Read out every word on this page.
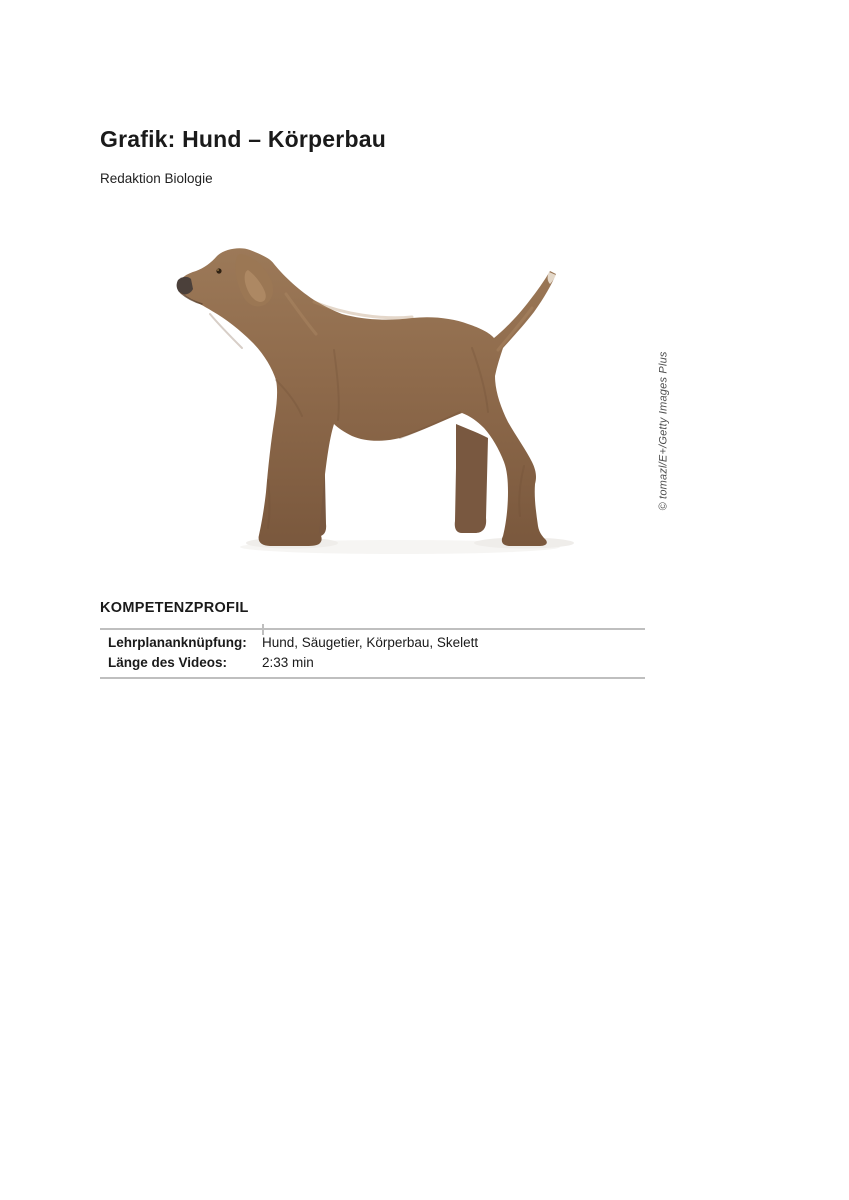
Grafik: Hund – Körperbau
Redaktion Biologie
© tomazl/E+/Getty Images Plus
KOMPETENZPROFIL
Lehrplananknüpfung:	Hund, Säugetier, Körperbau, Skelett
Länge des Videos:	2:33 min
